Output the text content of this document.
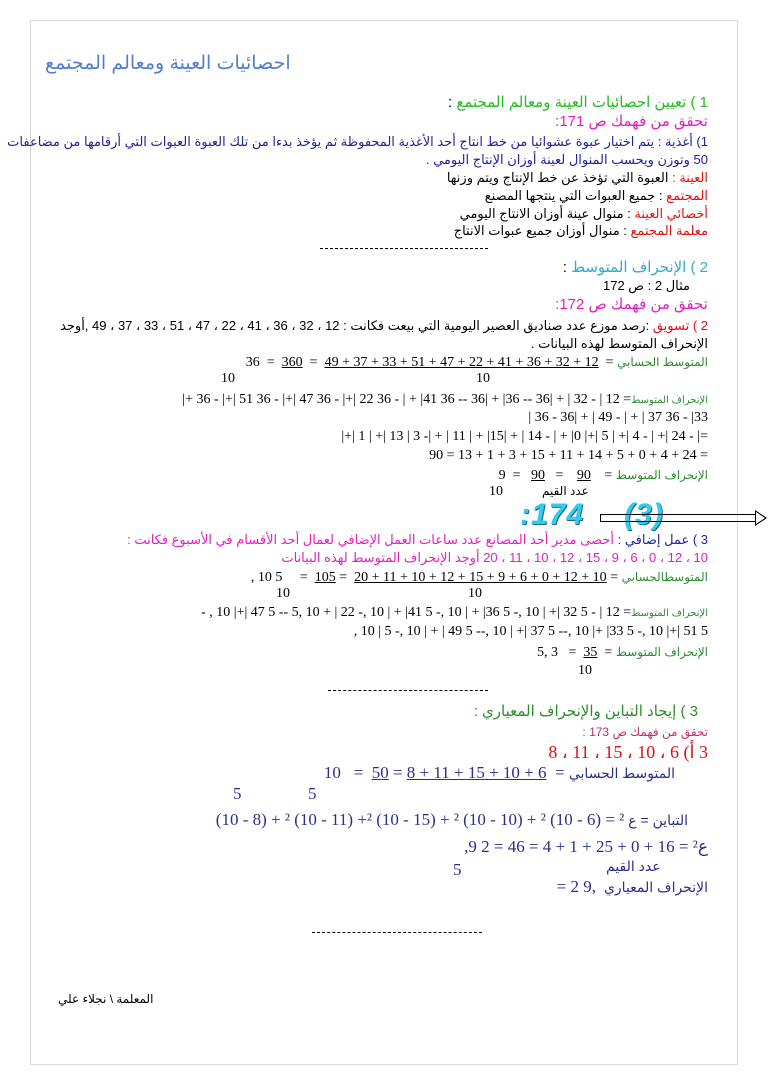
احصائيات العينة ومعالم المجتمع
1 ) تعيين احصائيات العينة ومعالم المجتمع :
تحقق من فهمك ص 171:
1) أغذية : يتم اختيار عبوة عشوائيا من خط انتاج أحد الأغذية المحفوظة ثم يؤخذ بدءا من تلك العبوة العبوات التي أرقامها من مضاعفات
50 وتوزن ويحسب المنوال لعينة أوزان الإنتاج اليومي .
العينة : العبوة التي تؤخذ عن خط الإنتاج ويتم وزنها
المجتمع : جميع العبوات التي ينتجها المصنع
أخصائي العينة : منوال عينة أوزان الانتاج اليومي
معلمة المجتمع : منوال أوزان جميع عبوات الانتاج
2 ) الإنحراف المتوسط :
مثال 2 : ص 172
تحقق من فهمك ص 172:
2 ) تسويق :رصد موزع عدد صناديق العصير اليومية التي بيعت فكانت : 12 ، 32 ، 36 ، 41 ، 22 ، 47 ، 51 ، 33 ، 37 ، 49 ,أوجد
الإنحراف المتوسط لهذه البيانات .
المتوسط الحسابي36  =  360  =  49 + 37 + 33 + 51 + 47 + 22 + 41 + 36 + 32 + 12  =
10	10
الإنحراف المتوسط|+ 36 - |+| 51 36 - |+| 47 36 - |+| 22 36 - | + |41 36 -- 36| + |36 -- 36| + | 32 - | 12 =
| 36 - 36| + | 49 - | + | 37 36 - |33
|+| 1 | +| 13 | 3 -| + | 11 | + |15| + | 14 - | + |0 |+| 5 | +| 4 - | +| 24 - |=
90 = 13 + 1 + 3 + 15 + 11 + 14 + 5 + 0 + 4 + 24 =
الإنحراف المتوسط9  =   90   = 90 =
10	عدد القيم
:174 (3)
3 ) عمل إضافي : أحصى مدير أحد المصانع عدد ساعات العمل الإضافي لعمال أحد الأقسام في الأسبوع فكانت :
10 ، 12 ، 0 ، 6 ، 9 ، 15 ، 12 ، 10 ، 11 ، 20 أوجد الإنحراف المتوسط لهذه البيانات
المتوسطالحسابي, 10 5     =  105 =  20 + 11 + 10 + 12 + 15 + 9 + 6 + 0 + 12 + 10 =
10	10
الإنحراف المتوسط- , 10 |+| 47 5 -- 5, 10 + | 22 -, 10 | + |41 5 -, 10 | + |36 5 -, 10 | +| 32 5 - | 12 =
, 10 | 5 -, 10 | + | 49 5 --, 10 | +| 37 5 --, 10 |+ |33 5 -, 10 |+| 51 5
الإنحراف المتوسط5, 3   =  35  =
10
3 ) إيجاد التباين والإنحراف المعياري :
تحقق من فهمك ص 173 :
3 أ) 6 ، 10 ، 15 ، 11 ، 8
المتوسط الحسابي10   =  50 = 8 + 11 + 15 + 10 + 6  =
5	5
التباين = ع(10 - 8) + ² (10 - 11) +² (10 - 15) + ² (10 - 10) + ² (10 - 6) = ²
ع,9 2 = 46 = 4 + 1 + 25 + 0 + 16 = ²
5	عدد القيم
الإنحراف المعياري= 2 9,
المعلمة \ نجلاء علي
